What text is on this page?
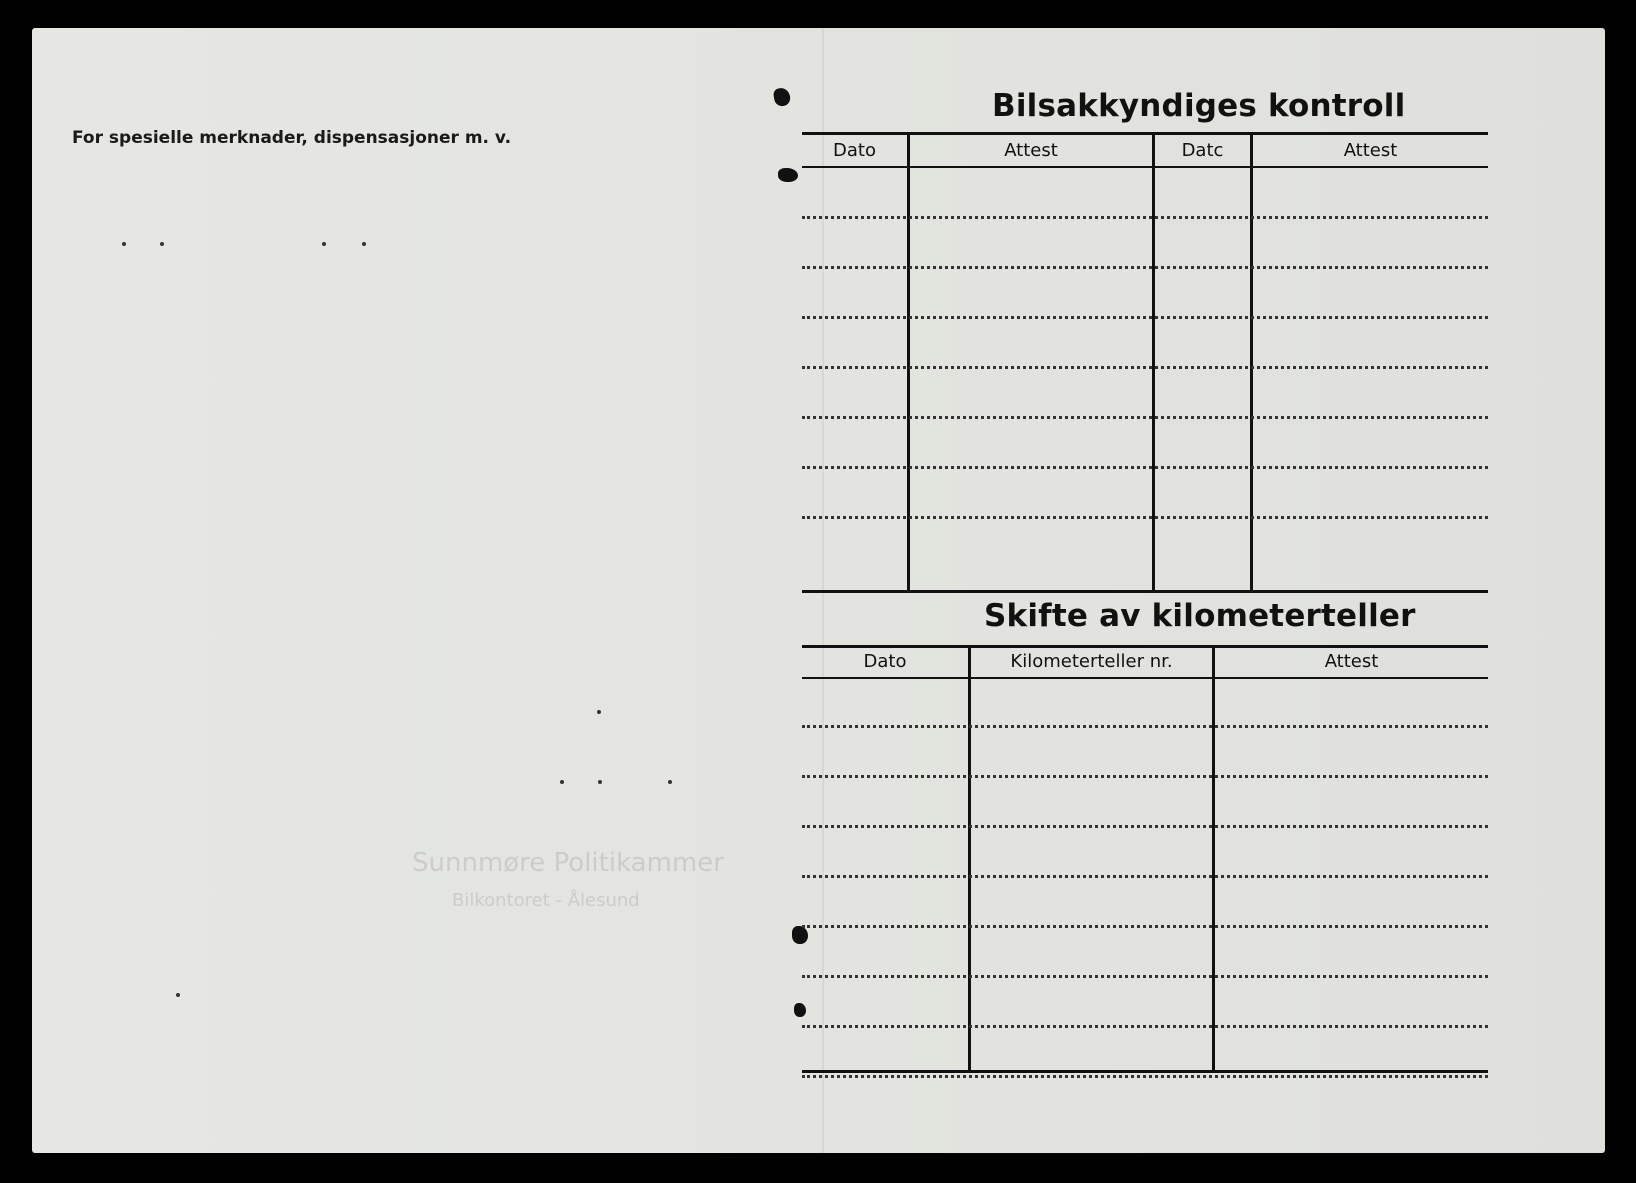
Sunnmøre Politikammer
Bilkontoret - Ålesund
For spesielle merknader, dispensasjoner m. v.
Bilsakkyndiges kontroll
Dato	Attest	Datc	Attest
Skifte av kilometerteller
Dato	Kilometerteller nr.	Attest
